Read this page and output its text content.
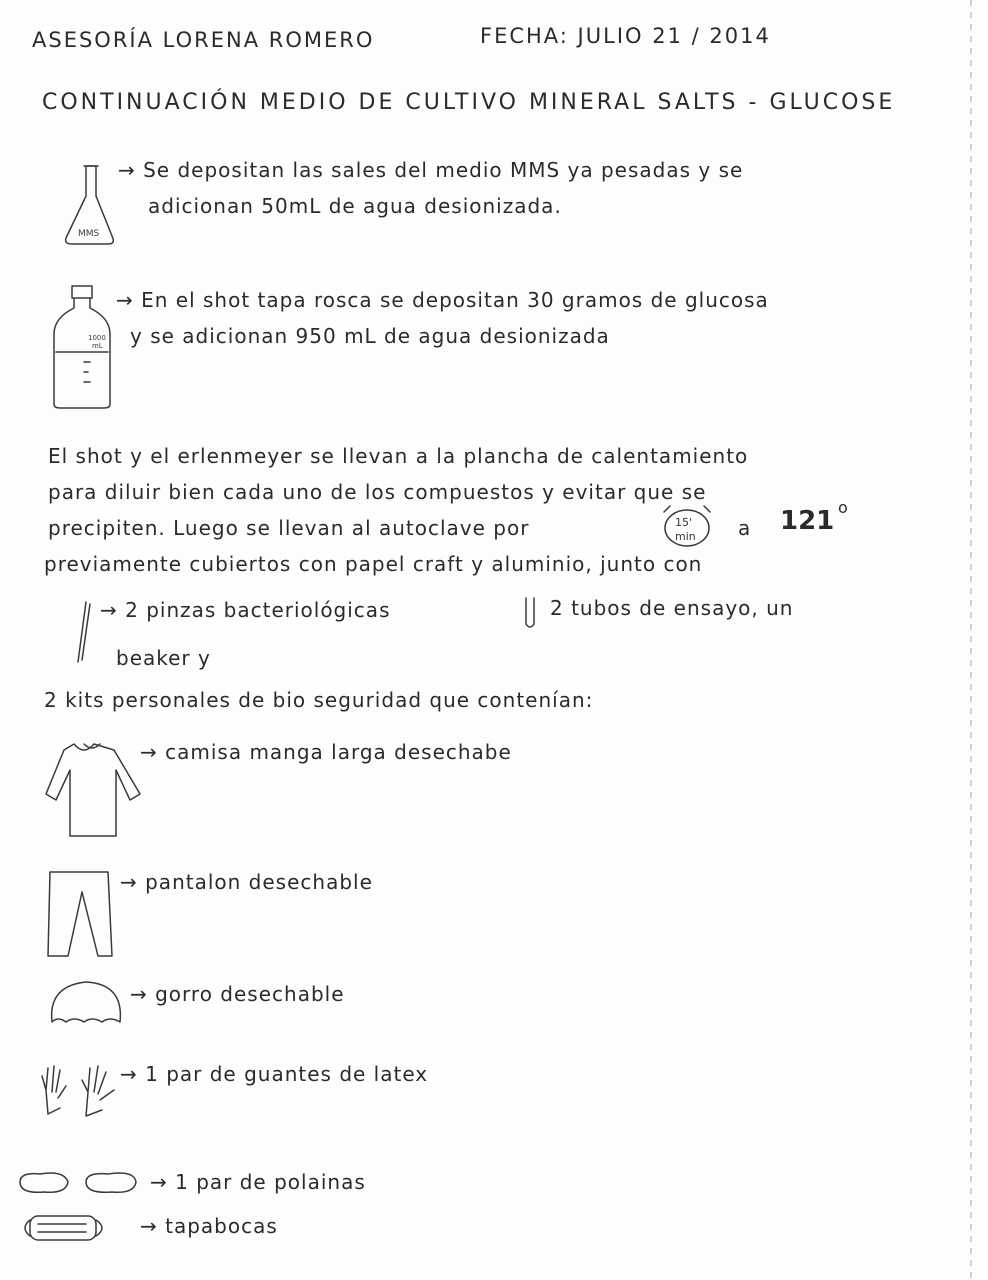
ASESORÍA LORENA ROMERO	FECHA: JULIO 21 / 2014
CONTINUACIÓN MEDIO DE CULTIVO MINERAL SALTS - GLUCOSE
MMS
→ Se depositan las sales del medio MMS ya pesadas y se
adicionan 50mL de agua desionizada.
1000
mL
→ En el shot tapa rosca se depositan 30 gramos de glucosa
y se adicionan 950 mL de agua desionizada
El shot y el erlenmeyer se llevan a la plancha de calentamiento
para diluir bien cada uno de los compuestos y evitar que se
precipiten. Luego se llevan al autoclave por	15'
min a 121 o
previamente cubiertos con papel craft y aluminio, junto con
→ 2 pinzas bacteriológicas	2 tubos de ensayo, un
beaker y
2 kits personales de bio seguridad que contenían:
→ camisa manga larga desechabe
→ pantalon desechable
→ gorro desechable
→ 1 par de guantes de latex
→ 1 par de polainas
→ tapabocas
